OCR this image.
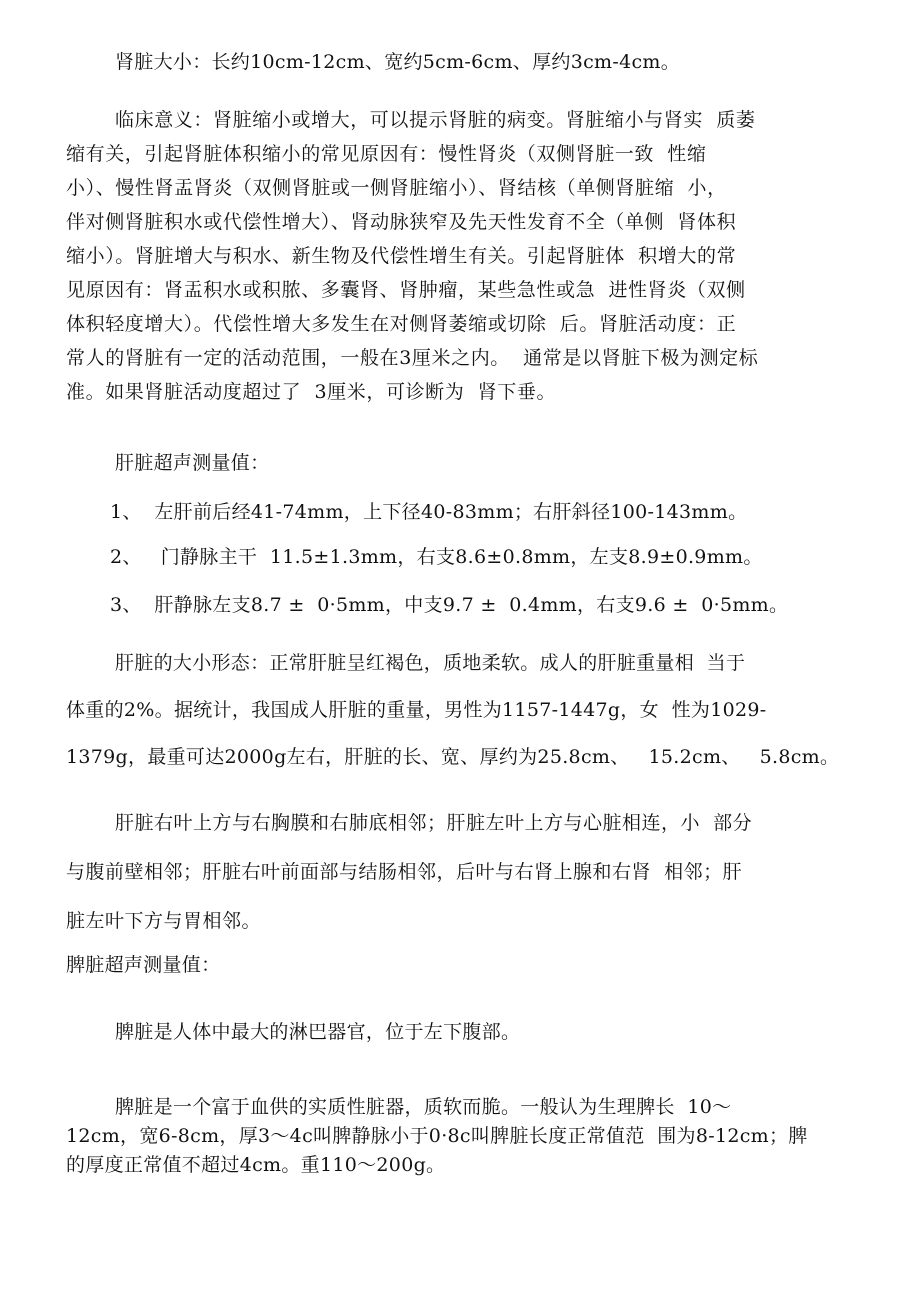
肾脏大小：长约10cm-12cm、宽约5cm-6cm、厚约3cm-4cm。
临床意义：肾脏缩小或增大，可以提示肾脏的病变。肾脏缩小与肾实  质萎
缩有关，引起肾脏体积缩小的常见原因有：慢性肾炎（双侧肾脏一致  性缩
小）、慢性肾盂肾炎（双侧肾脏或一侧肾脏缩小）、肾结核（单侧肾脏缩  小，
伴对侧肾脏积水或代偿性增大）、肾动脉狭窄及先天性发育不全（单侧  肾体积
缩小）。肾脏增大与积水、新生物及代偿性增生有关。引起肾脏体  积增大的常
见原因有：肾盂积水或积脓、多囊肾、肾肿瘤，某些急性或急  进性肾炎（双侧
体积轻度增大）。代偿性增大多发生在对侧肾萎缩或切除  后。肾脏活动度：正
常人的肾脏有一定的活动范围，一般在3厘米之内。  通常是以肾脏下极为测定标
准。如果肾脏活动度超过了  3厘米，可诊断为  肾下垂。
肝脏超声测量值：
1、  左肝前后经41-74mm，上下径40-83mm；右肝斜径100-143mm。
2、   门静脉主干  11.5±1.3mm，右支8.6±0.8mm，左支8.9±0.9mm。
3、  肝静脉左支8.7 ±  0·5mm，中支9.7 ±  0.4mm，右支9.6 ±  0·5mm。
肝脏的大小形态：正常肝脏呈红褐色，质地柔软。成人的肝脏重量相  当于
体重的2%。据统计，我国成人肝脏的重量，男性为1157-1447g，女  性为1029-
1379g，最重可达2000g左右，肝脏的长、宽、厚约为25.8cm、   15.2cm、   5.8cm。
肝脏右叶上方与右胸膜和右肺底相邻；肝脏左叶上方与心脏相连，小  部分
与腹前壁相邻；肝脏右叶前面部与结肠相邻，后叶与右肾上腺和右肾  相邻；肝
脏左叶下方与胃相邻。
脾脏超声测量值：
脾脏是人体中最大的淋巴器官，位于左下腹部。
脾脏是一个富于血供的实质性脏器，质软而脆。一般认为生理脾长  10～
12cm，宽6-8cm，厚3～4c叫脾静脉小于0·8c叫脾脏长度正常值范  围为8-12cm；脾
的厚度正常值不超过4cm。重110～200g。
